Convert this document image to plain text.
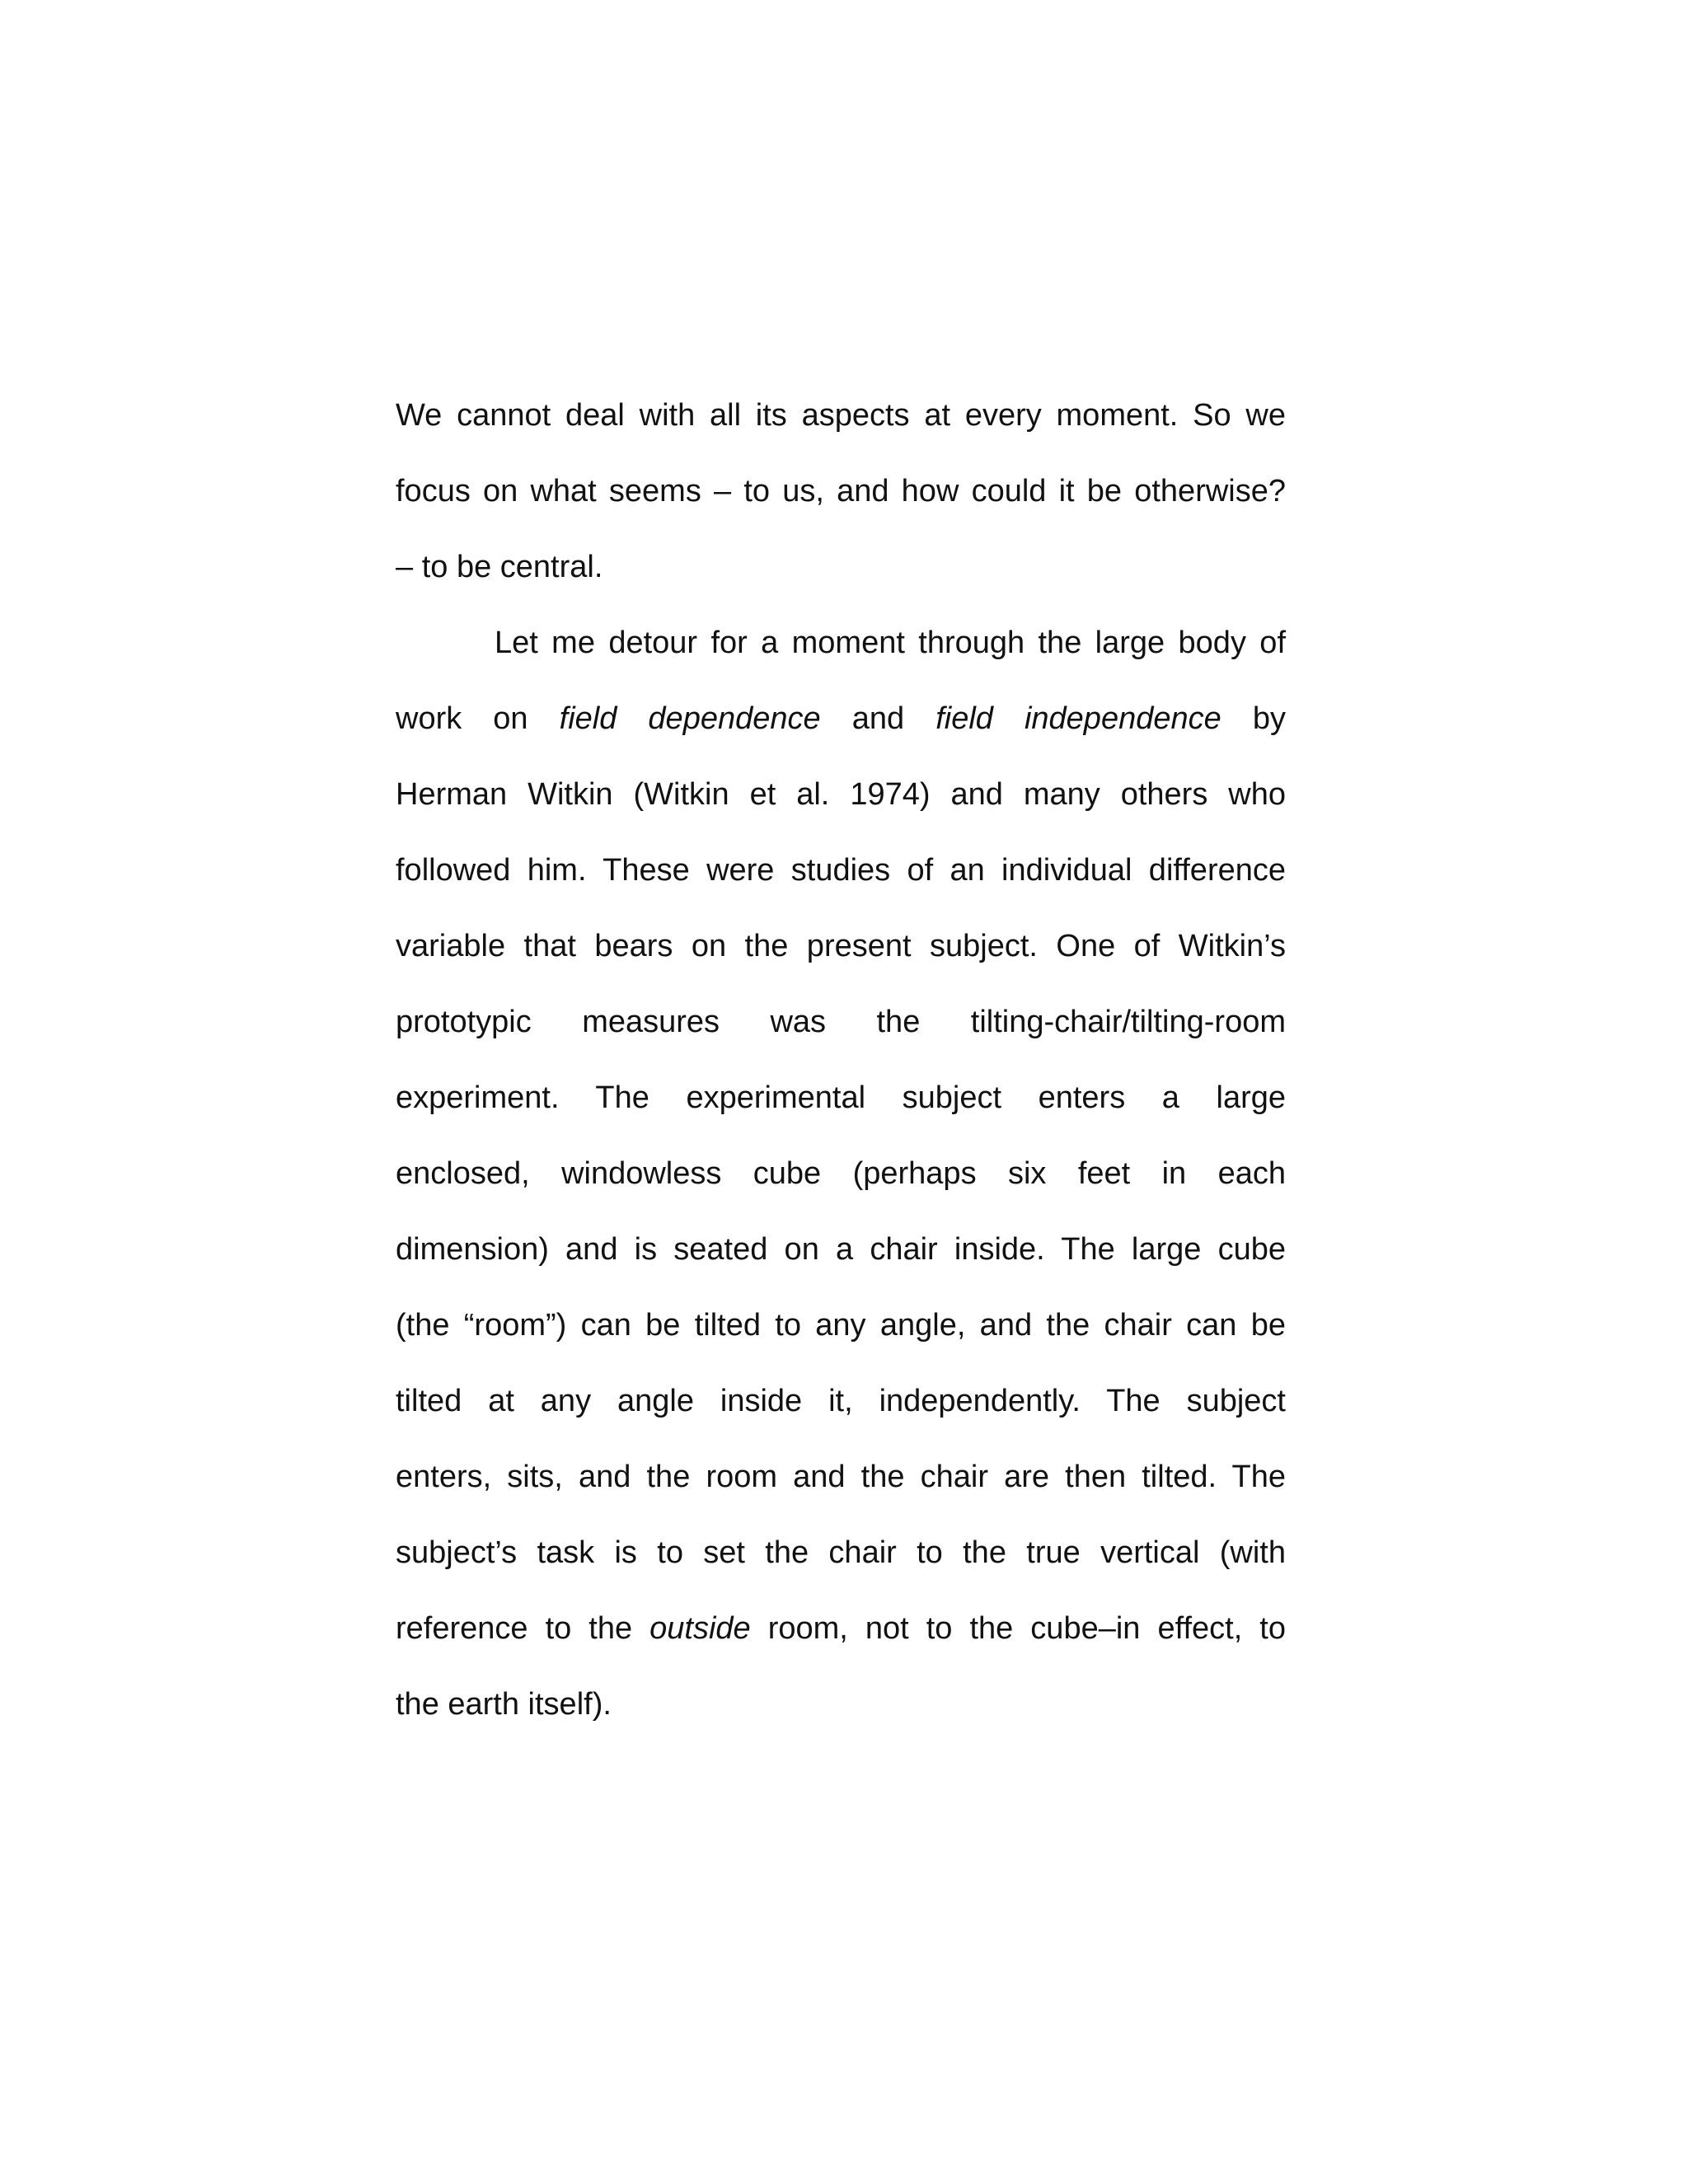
We cannot deal with all its aspects at every moment. So we
focus on what seems – to us, and how could it be otherwise?
– to be central.
Let me detour for a moment through the large body of
work on field dependence and field independence by
Herman Witkin (Witkin et al. 1974) and many others who
followed him. These were studies of an individual difference
variable that bears on the present subject. One of Witkin’s
prototypic measures was the tilting-chair/tilting-room
experiment. The experimental subject enters a large
enclosed, windowless cube (perhaps six feet in each
dimension) and is seated on a chair inside. The large cube
(the “room”) can be tilted to any angle, and the chair can be
tilted at any angle inside it, independently. The subject
enters, sits, and the room and the chair are then tilted. The
subject’s task is to set the chair to the true vertical (with
reference to the outside room, not to the cube–in effect, to
the earth itself).
